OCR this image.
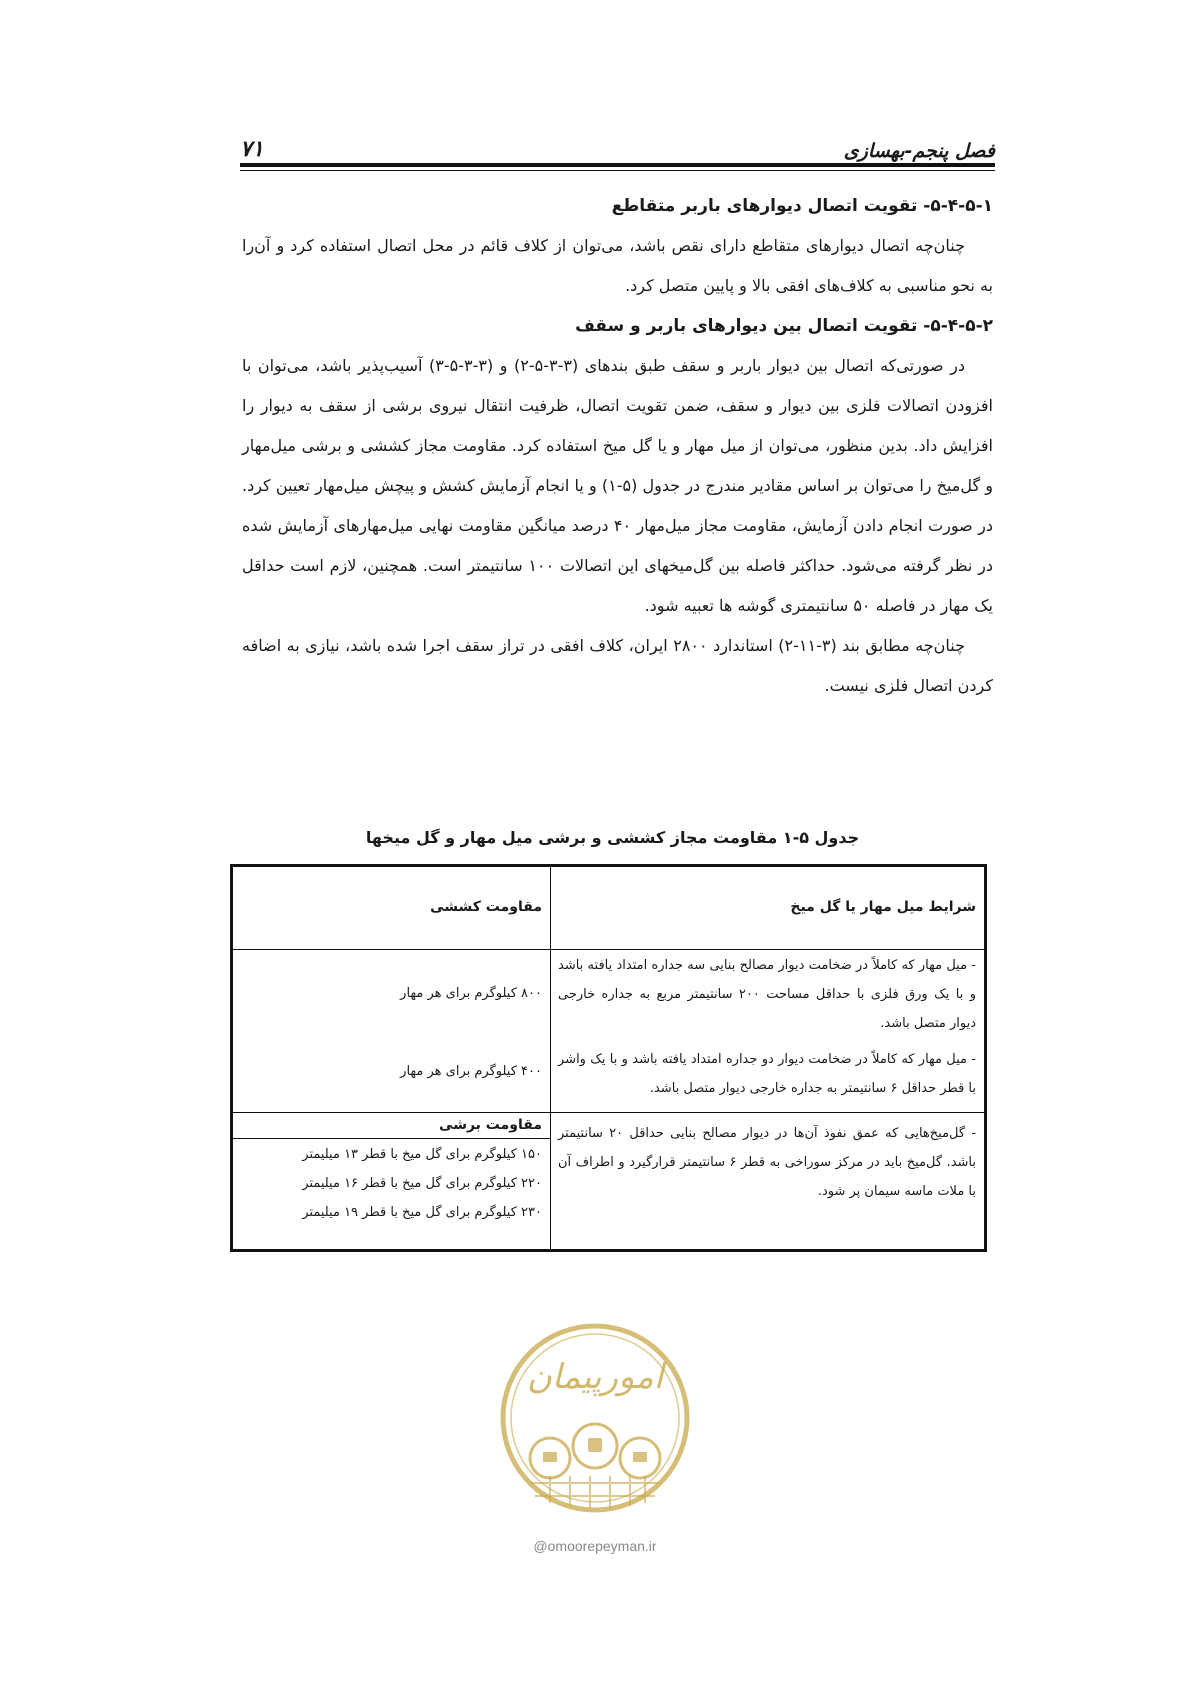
فصل پنجم-بهسازی
۷۱
۵-۴-۵-۱- تقویت اتصال دیوارهای باربر متقاطع

چنان‌چه اتصال دیوارهای متقاطع دارای نقص باشد، می‌توان از کلاف قائم در محل اتصال استفاده کرد و آن‌را به نحو مناسبی به کلاف‌های افقی بالا و پایین متصل کرد.

۵-۴-۵-۲- تقویت اتصال بین دیوارهای باربر و سقف

در صورتی‌که اتصال بین دیوار باربر و سقف طبق بندهای (۳-۳-۵-۲) و (۳-۳-۵-۳) آسیب‌پذیر باشد، می‌توان با افزودن اتصالات فلزی بین دیوار و سقف، ضمن تقویت اتصال، ظرفیت انتقال نیروی برشی از سقف به دیوار را افزایش داد. بدین منظور، می‌توان از میل مهار و یا گل میخ استفاده کرد. مقاومت مجاز کششی و برشی میل‌مهار و گل‌میخ را می‌توان بر اساس مقادیر مندرج در جدول (۵-۱) و یا انجام آزمایش کشش و پیچش میل‌مهار تعیین کرد. در صورت انجام دادن آزمایش، مقاومت مجاز میل‌مهار ۴۰ درصد میانگین مقاومت نهایی میل‌مهارهای آزمایش شده در نظر گرفته می‌شود. حداکثر فاصله بین گل‌میخهای این اتصالات ۱۰۰ سانتیمتر است. همچنین، لازم است حداقل یک مهار در فاصله ۵۰ سانتیمتری گوشه ها تعبیه شود.

چنان‌چه مطابق بند (۳-۱۱-۲) استاندارد ۲۸۰۰ ایران، کلاف افقی در تراز سقف اجرا شده باشد، نیازی به اضافه کردن اتصال فلزی نیست.

جدول ۵-۱ مقاومت مجاز کششی و برشی میل مهار و گل میخها
شرایط میل مهار یا گل میخ
مقاومت کششی
- میل مهار که کاملاً در ضخامت دیوار مصالح بنایی سه جداره امتداد یافته باشد و با یک ورق فلزی با حداقل مساحت ۲۰۰ سانتیمتر مربع به جداره خارجی دیوار متصل باشد.
۸۰۰ کیلوگرم برای هر مهار
- میل مهار که کاملاً در ضخامت دیوار دو جداره امتداد یافته باشد و با یک واشر با قطر حداقل ۶ سانتیمتر به جداره خارجی دیوار متصل باشد.
۴۰۰ کیلوگرم برای هر مهار
مقاومت برشی
- گل‌میخ‌هایی که عمق نفوذ آن‌ها در دیوار مصالح بنایی حداقل ۲۰ سانتیمتر باشد. گل‌میخ باید در مرکز سوراخی به قطر ۶ سانتیمتر قرارگیرد و اطراف آن با ملات ماسه سیمان پر شود.
۱۵۰ کیلوگرم برای گل میخ با قطر ۱۳ میلیمتر
۲۲۰ کیلوگرم برای گل میخ با قطر ۱۶ میلیمتر
۲۳۰ کیلوگرم برای گل میخ با قطر ۱۹ میلیمتر
امورپیمان
@omoorepeyman.ir
